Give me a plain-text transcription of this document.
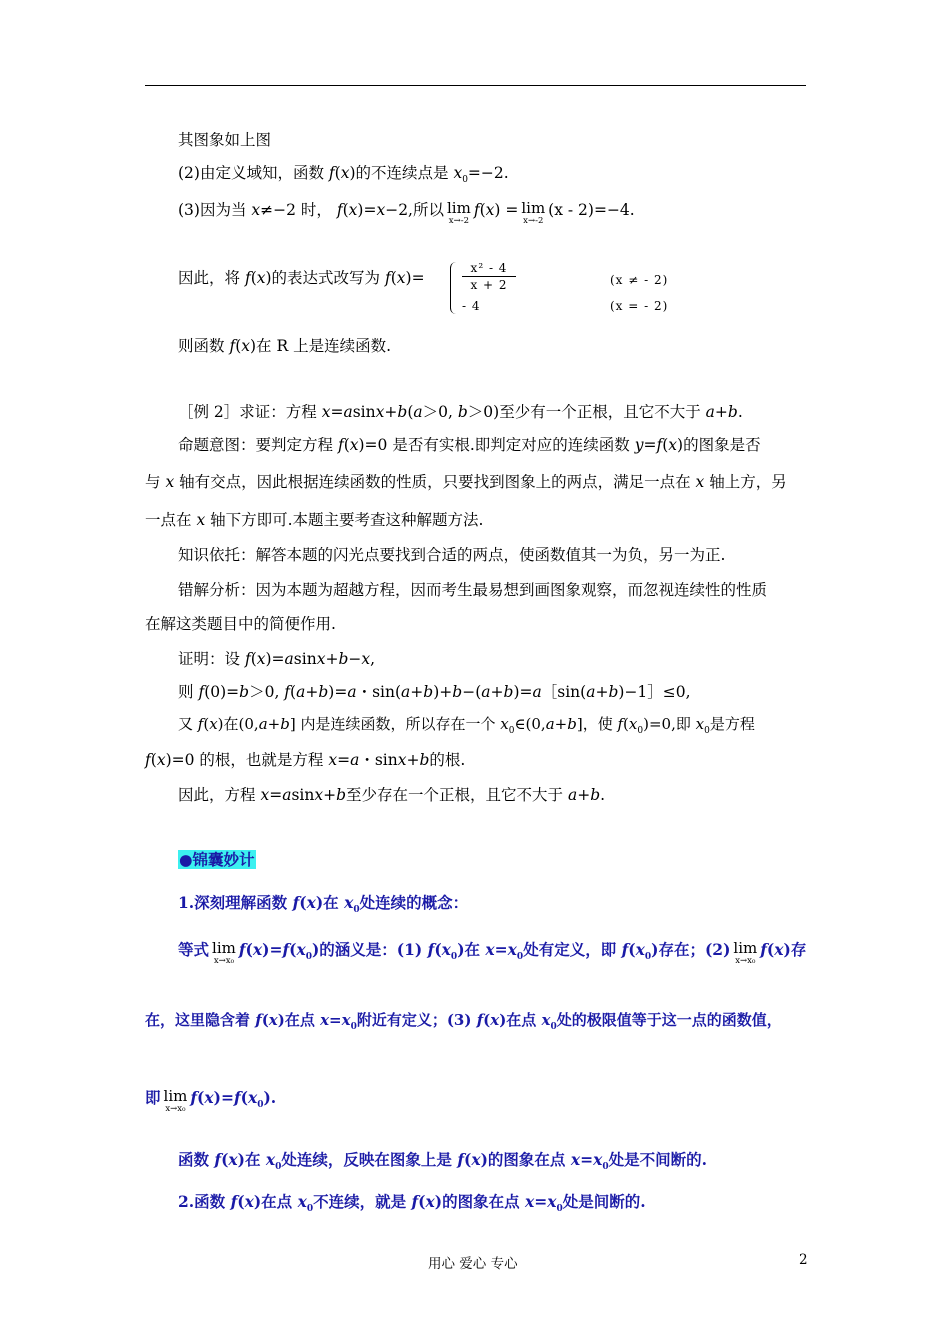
其图象如上图
(2)由定义域知，函数 f(x)的不连续点是 $x_0=-2$.
(3)因为当 x≠−2 时， f(x)=x−2,所以 lim
x→-2
f(x) = lim
x→-2
(x - 2)=−4.
因此，将 f(x)的表达式改写为 f(x)=
x² - 4
x + 2
- 4
(x ≠ - 2)
(x = - 2)
则函数 f(x)在 R 上是连续函数.
［例 2］求证：方程 x=asinx+b(a＞0, b＞0)至少有一个正根，且它不大于 a+b.
命题意图：要判定方程 f(x)=0 是否有实根.即判定对应的连续函数 y=f(x)的图象是否
与 x 轴有交点，因此根据连续函数的性质，只要找到图象上的两点，满足一点在 x 轴上方，另
一点在 x 轴下方即可.本题主要考查这种解题方法.
知识依托：解答本题的闪光点要找到合适的两点，使函数值其一为负，另一为正.
错解分析：因为本题为超越方程，因而考生最易想到画图象观察，而忽视连续性的性质
在解这类题目中的简便作用.
证明：设 f(x)=asinx+b−x,
则 f(0)=b＞0, f(a+b)=a・sin(a+b)+b−(a+b)=a［sin(a+b)−1］≤0,
又 f(x)在(0,a+b] 内是连续函数，所以存在一个 $x_0\in(0,a+b]$，使 $f(x_0)=0$,即 $x_0$是方程
f(x)=0 的根，也就是方程 x=a・sinx+b的根.
因此，方程 x=asinx+b至少存在一个正根，且它不大于 a+b.
●锦囊妙计
1.深刻理解函数 f(x)在 $x_0$处连续的概念：
等式 lim
x→x₀
$f(x)=f(x_0)$的涵义是：(1) $f(x_0)$在 $x=x_0$处有定义，即 $f(x_0)$存在；(2) lim
x→x₀
f(x)存
在，这里隐含着 f(x)在点 $x=x_0$附近有定义；(3) f(x)在点 $x_0$处的极限值等于这一点的函数值，
即 lim
x→x₀
$f(x)=f(x_0)$.
函数 f(x)在 $x_0$处连续，反映在图象上是 f(x)的图象在点 $x=x_0$处是不间断的.
2.函数 f(x)在点 $x_0$不连续，就是 f(x)的图象在点 $x=x_0$处是间断的.
用心 爱心 专心	2
